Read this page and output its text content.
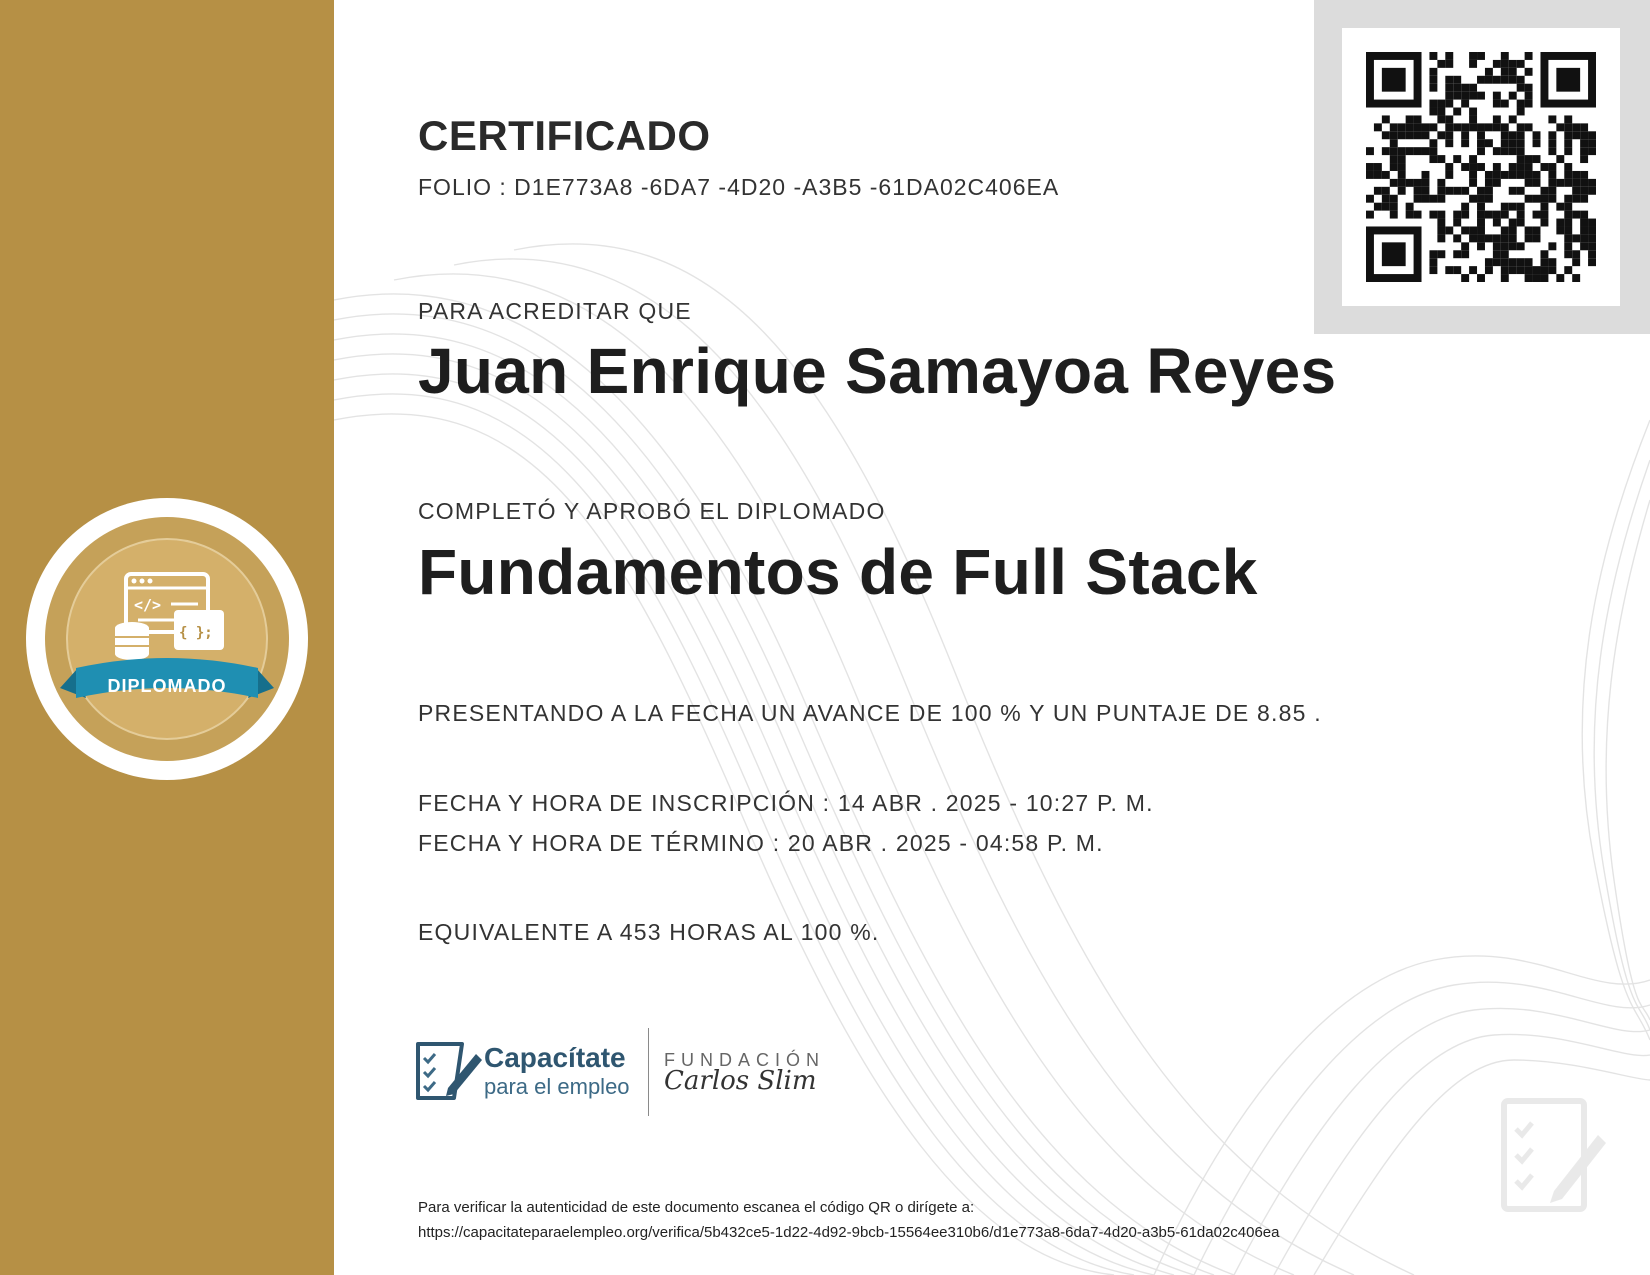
</>
{ };
DIPLOMADO
CERTIFICADO
FOLIO : D1E773A8 -6DA7 -4D20 -A3B5 -61DA02C406EA
PARA ACREDITAR QUE
Juan Enrique Samayoa Reyes
COMPLETÓ Y APROBÓ EL DIPLOMADO
Fundamentos de Full Stack
PRESENTANDO A LA FECHA UN AVANCE DE 100 % Y UN PUNTAJE DE 8.85 .
FECHA Y HORA DE INSCRIPCIÓN : 14 ABR . 2025 - 10:27 P. M.
FECHA Y HORA DE TÉRMINO : 20 ABR . 2025 - 04:58 P. M.
EQUIVALENTE A 453 HORAS AL 100 %.
Capacítate
para el empleo
FUNDACIÓN
Carlos Slim
Para verificar la autenticidad de este documento escanea el código QR o dirígete a:
https://capacitateparaelempleo.org/verifica/5b432ce5-1d22-4d92-9bcb-15564ee310b6/d1e773a8-6da7-4d20-a3b5-61da02c406ea
